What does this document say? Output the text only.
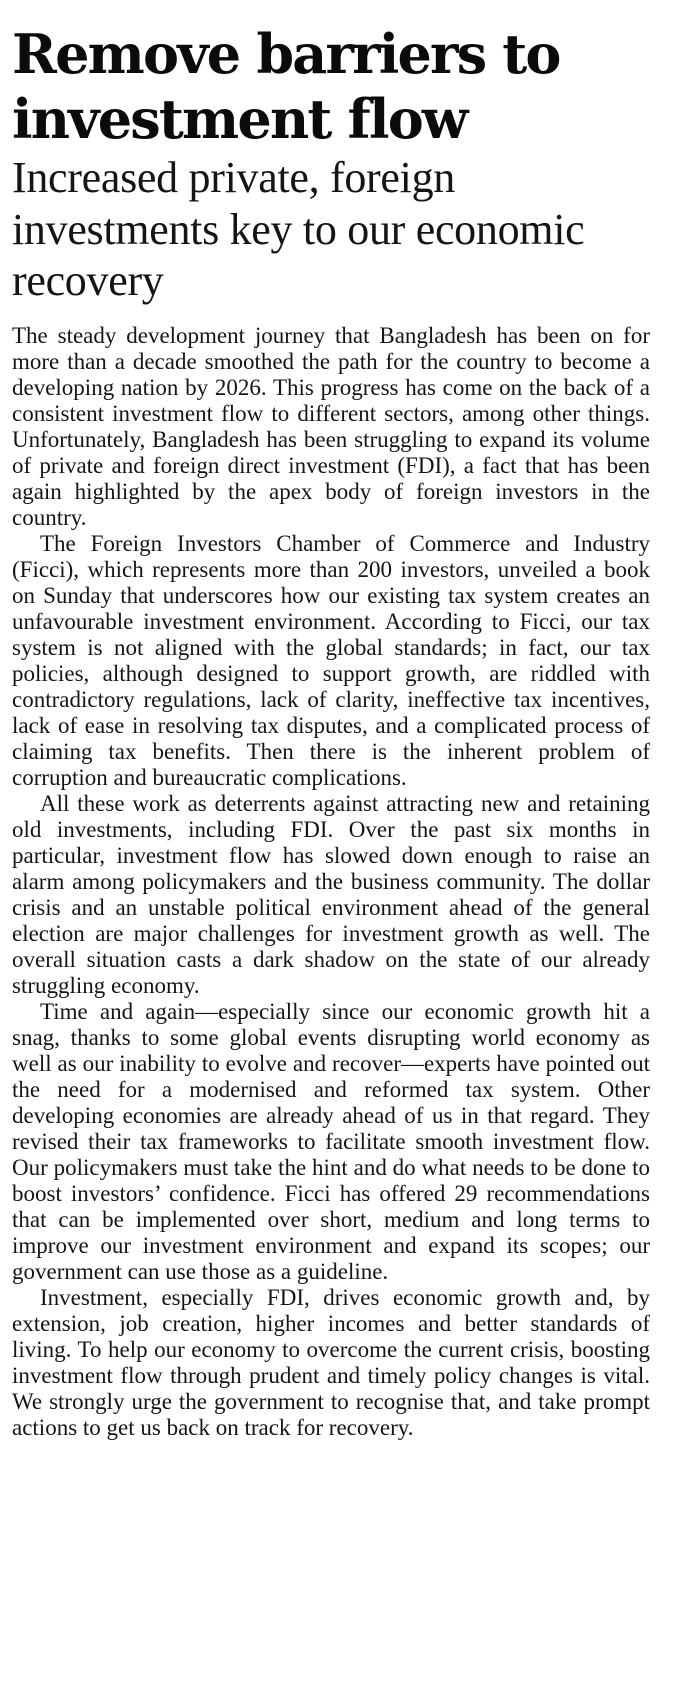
Remove barriers to investment flow
Increased private, foreign investments key to our economic recovery

The steady development journey that Bangladesh has been on for more than a decade smoothed the path for the country to become a developing nation by 2026. This progress has come on the back of a consistent investment flow to different sectors, among other things. Unfortunately, Bangladesh has been struggling to expand its volume of private and foreign direct investment (FDI), a fact that has been again highlighted by the apex body of foreign investors in the country.

The Foreign Investors Chamber of Commerce and Industry (Ficci), which represents more than 200 investors, unveiled a book on Sunday that underscores how our existing tax system creates an unfavourable investment environment. According to Ficci, our tax system is not aligned with the global standards; in fact, our tax policies, although designed to support growth, are riddled with contradictory regulations, lack of clarity, ineffective tax incentives, lack of ease in resolving tax disputes, and a complicated process of claiming tax benefits. Then there is the inherent problem of corruption and bureaucratic complications.

All these work as deterrents against attracting new and retaining old investments, including FDI. Over the past six months in particular, investment flow has slowed down enough to raise an alarm among policymakers and the business community. The dollar crisis and an unstable political environment ahead of the general election are major challenges for investment growth as well. The overall situation casts a dark shadow on the state of our already struggling economy.

Time and again—especially since our economic growth hit a snag, thanks to some global events disrupting world economy as well as our inability to evolve and recover—experts have pointed out the need for a modernised and reformed tax system. Other developing economies are already ahead of us in that regard. They revised their tax frameworks to facilitate smooth investment flow. Our policymakers must take the hint and do what needs to be done to boost investors’ confidence. Ficci has offered 29 recommendations that can be implemented over short, medium and long terms to improve our investment environment and expand its scopes; our government can use those as a guideline.

Investment, especially FDI, drives economic growth and, by extension, job creation, higher incomes and better standards of living. To help our economy to overcome the current crisis, boosting investment flow through prudent and timely policy changes is vital. We strongly urge the government to recognise that, and take prompt actions to get us back on track for recovery.
